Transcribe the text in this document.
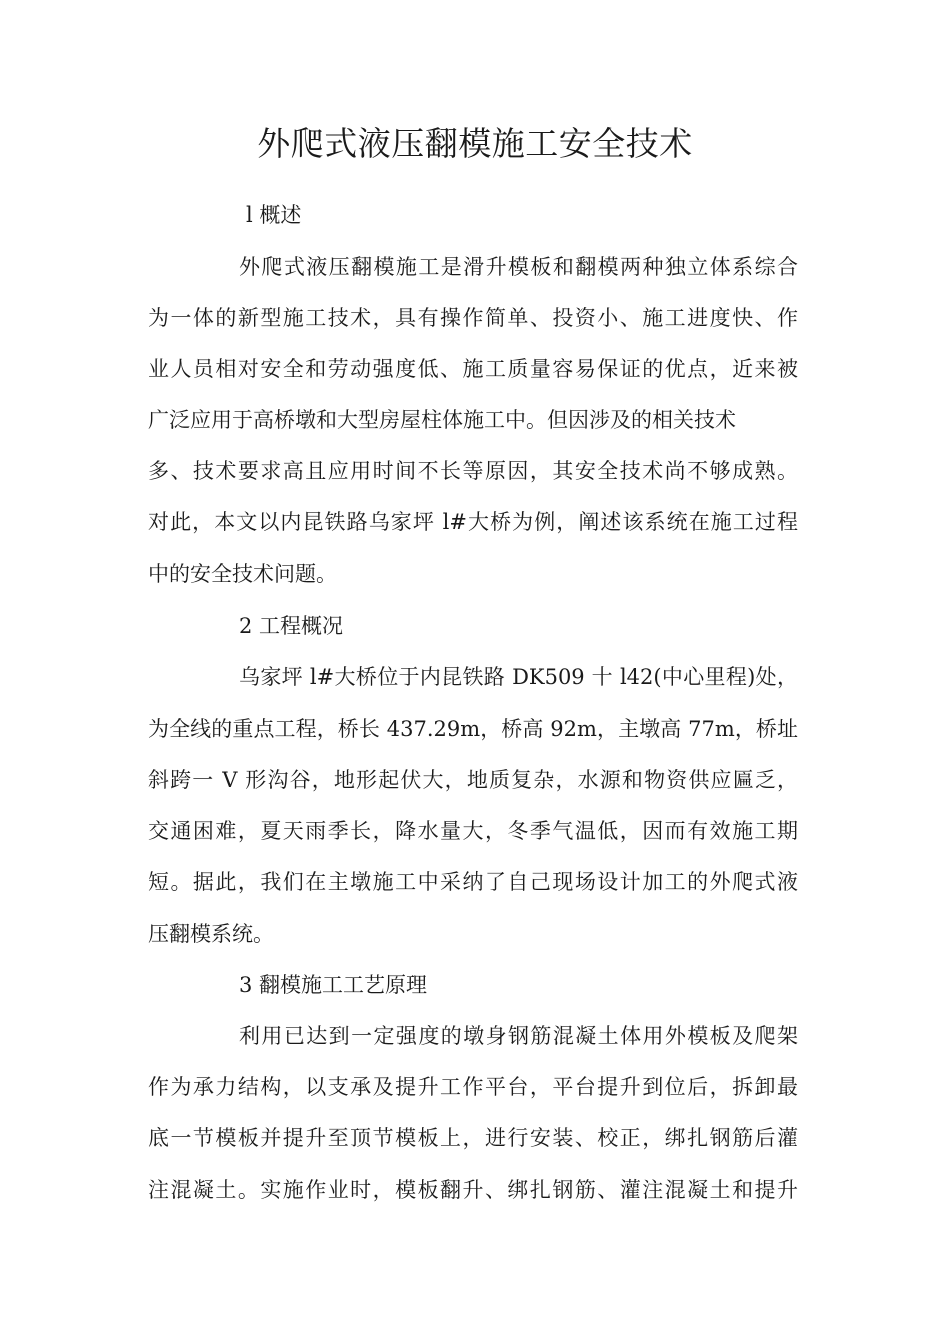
外爬式液压翻模施工安全技术

l 概述

外爬式液压翻模施工是滑升模板和翻模两种独立体系综合

为一体的新型施工技术，具有操作简单、投资小、施工进度快、作

业人员相对安全和劳动强度低、施工质量容易保证的优点，近来被

广泛应用于高桥墩和大型房屋柱体施工中。但因涉及的相关技术

多、技术要求高且应用时间不长等原因，其安全技术尚不够成熟。

对此，本文以内昆铁路乌家坪 l#大桥为例，阐述该系统在施工过程

中的安全技术问题。

2 工程概况

乌家坪 l#大桥位于内昆铁路 DK509 十 l42(中心里程)处，

为全线的重点工程，桥长 437.29m，桥高 92m，主墩高 77m，桥址

斜跨一 V 形沟谷，地形起伏大，地质复杂，水源和物资供应匾乏，

交通困难，夏天雨季长，降水量大，冬季气温低，因而有效施工期

短。据此，我们在主墩施工中采纳了自己现场设计加工的外爬式液

压翻模系统。

3 翻模施工工艺原理

利用已达到一定强度的墩身钢筋混凝土体用外模板及爬架

作为承力结构，以支承及提升工作平台，平台提升到位后，拆卸最

底一节模板并提升至顶节模板上，进行安装、校正，绑扎钢筋后灌

注混凝土。实施作业时，模板翻升、绑扎钢筋、灌注混凝土和提升
